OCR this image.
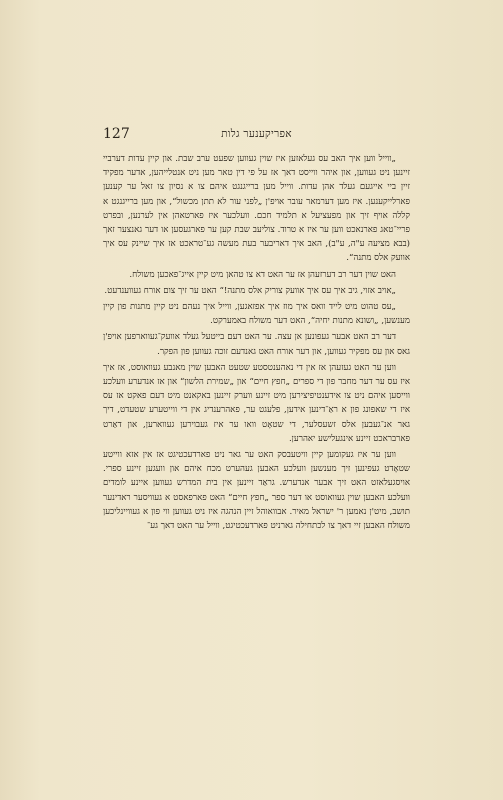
127	אפריקענער גלות

„ווייל ווען איך האב עס געלאזען איז שוין געווען שפעט ערב שבת. און קיין עדות דערביי זיינען ניט געווען, און איהר ווייסט דאך אז על פי דין טאר מען ניט אנטלייהען, אדער מפקיד זיין ביי אייגעם געלד אהן עדות. ווייל מען ברייגנגט איהם צו א נסיון צו זאל ער קענען פארלייקענען. איז מען דערמאר עובר אויפ'ן „לפני עור לא תתן מכשול“, און מען ברייגנגט א קללה אויף זיך און מפעציעל א תלמיד חכם. וועלכער איז פארטאהן אין לערנען, ובפרט פריי־טאג פארנאכט ווען ער איז א טרוד. צוליעב שבת קען ער פארגעסען או דער גאנצער זאך (בבא מציעה ע"ה, ע"ב), האב איך דאריבער בעת מעשה גע־טראכט אז איך שיינק עס איך אוועק אלס מתנה“.

האט שוין דער רב דערזעהן אז ער האט דא צו טהאן מיט קיין אייג־פאכען משולח.

„אויב אזוי, גיב איך עס איך אוועק צוריק אלס מתנה!“ האט ער זיך צום אורח געווענדעט.

„עס טהוט מיט לייד וואס איך מוז איך אפזאגען, ווייל איך נעהם ניט קיין מתנות פון קיין מענשען, „ושונא מתנות יחיה“, האט דער משולח באמערקט.

דער רב האט אבער געפונען אן עצה. ער האט דעם בייטעל געלד אוועק־געווארפען אויפ'ן גאס און עס מפקיר געווען, און דער אורח האט גאנדעם זוכה געווען פון הפקר.

ווען ער האט געזעהן אז אין די נאהענטסטע שטעט האבען שוין מאנבע געוואוסט, אז איך איז עס ער דער מחבר פון די ספרים „חפץ חיים“ און „שמירת הלשון“ און אז אנדערע וועלכע ווייסען איהם ניט צו אידענטיפיצירען מיט זיינע ווערק זיינען באקאנט מיט דעם פאקט אז עס איז די שאפונג פון א ראַ־דינען אידען, פלעגט ער, פאהרענדיג אין די ווייטערע שטעדט, דיך גאר אנ־געבען אלס זשעסלער, די שטאָט וואו ער איז געבוירען געווארען, און דאַרט פארבראכט זיינע אינגעלישע יאהרען.

ווען ער איז געקומען קיין וויטעבסק האט ער גאר ניט פארדעכטיגט אז אין אזא ווייטע שטאָדט געפינען זיך מענשען וועלכע האבען געהערט מכח איהם און וועגען זיינע ספרי. אויסגעלאזט האט זיך אבער אנדערש. גראַד זיינען אין בית המדרש געווען איינע לומדים וועלכע האבען שוין געוואוסט או דער ספר „חפץ חיים“ האט פארפאסט א געוויסער ראדינער תושב, מיט'ן נאמען ר' ישראל מאיר. אבוואוהל זיין הנהגה איז ניט געווען ווי פון א געוויינליכען משולח האבען זיי דאך צו לכתחילה גארניט פארדעכטיגט, ווייל ער האט דאך גע־
